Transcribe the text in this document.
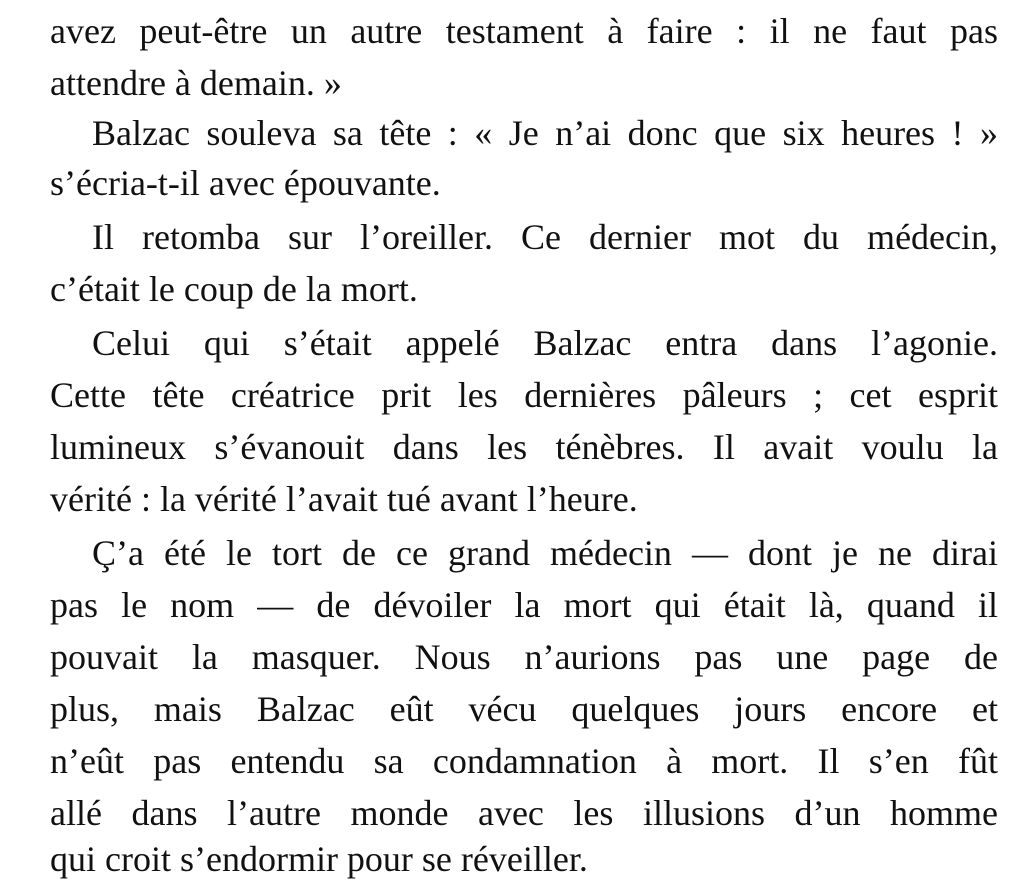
avez peut-être un autre testament à faire : il ne faut pas
attendre à demain. »
Balzac souleva sa tête : « Je n’ai donc que six heures ! »
s’écria-t-il avec épouvante.
Il retomba sur l’oreiller. Ce dernier mot du médecin,
c’était le coup de la mort.
Celui qui s’était appelé Balzac entra dans l’agonie.
Cette tête créatrice prit les dernières pâleurs ; cet esprit
lumineux s’évanouit dans les ténèbres. Il avait voulu la
vérité : la vérité l’avait tué avant l’heure.
Ç’a été le tort de ce grand médecin — dont je ne dirai
pas le nom — de dévoiler la mort qui était là, quand il
pouvait la masquer. Nous n’aurions pas une page de
plus, mais Balzac eût vécu quelques jours encore et
n’eût pas entendu sa condamnation à mort. Il s’en fût
allé dans l’autre monde avec les illusions d’un homme
qui croit s’endormir pour se réveiller.
